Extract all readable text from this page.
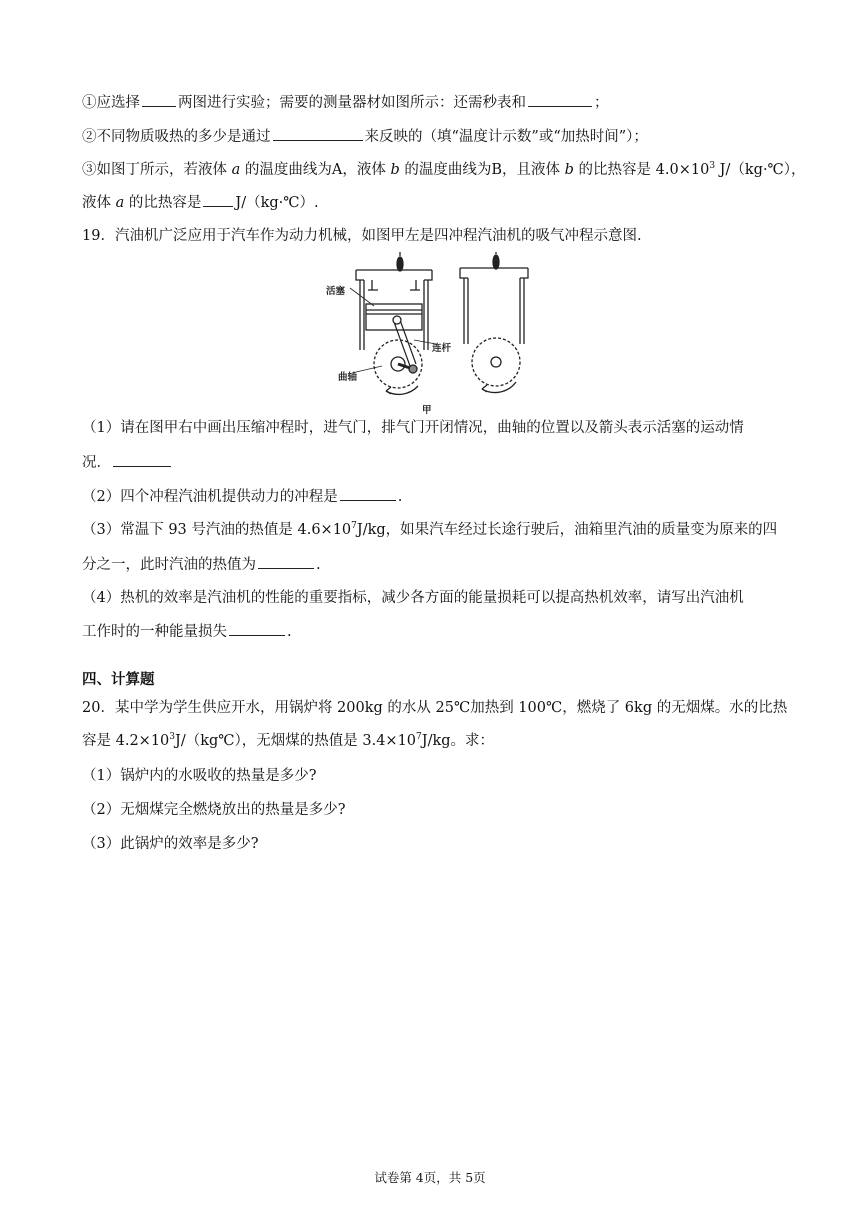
①应选择	两图进行实验；需要的测量器材如图所示：还需秒表和	；
②不同物质吸热的多少是通过	来反映的（填“温度计示数”或“加热时间”）；
③如图丁所示，若液体 a 的温度曲线为A，液体 b 的温度曲线为B，且液体 b 的比热容是 $4.0\times 10^3$ J/（kg·℃），
液体 a 的比热容是 J/（kg·℃）.
19．汽油机广泛应用于汽车作为动力机械，如图甲左是四冲程汽油机的吸气冲程示意图.
活塞
连杆
曲轴
甲
（1）请在图甲右中画出压缩冲程时，进气门，排气门开闭情况，曲轴的位置以及箭头表示活塞的运动情
况．
（2）四个冲程汽油机提供动力的冲程是	.
（3）常温下 93 号汽油的热值是 $4.6\times 10^7J/kg$，如果汽车经过长途行驶后，油箱里汽油的质量变为原来的四
分之一，此时汽油的热值为	.
（4）热机的效率是汽油机的性能的重要指标，减少各方面的能量损耗可以提高热机效率，请写出汽油机
工作时的一种能量损失	.
四、计算题
20．某中学为学生供应开水，用锅炉将 200kg 的水从 25℃加热到 100℃，燃烧了 6kg 的无烟煤。水的比热
容是 $4.2\times 10^3J/(kg℃)$，无烟煤的热值是 $3.4\times 10^7J/kg$。求：
（1）锅炉内的水吸收的热量是多少?
（2）无烟煤完全燃烧放出的热量是多少?
（3）此锅炉的效率是多少?
试卷第 4页，共 5页
